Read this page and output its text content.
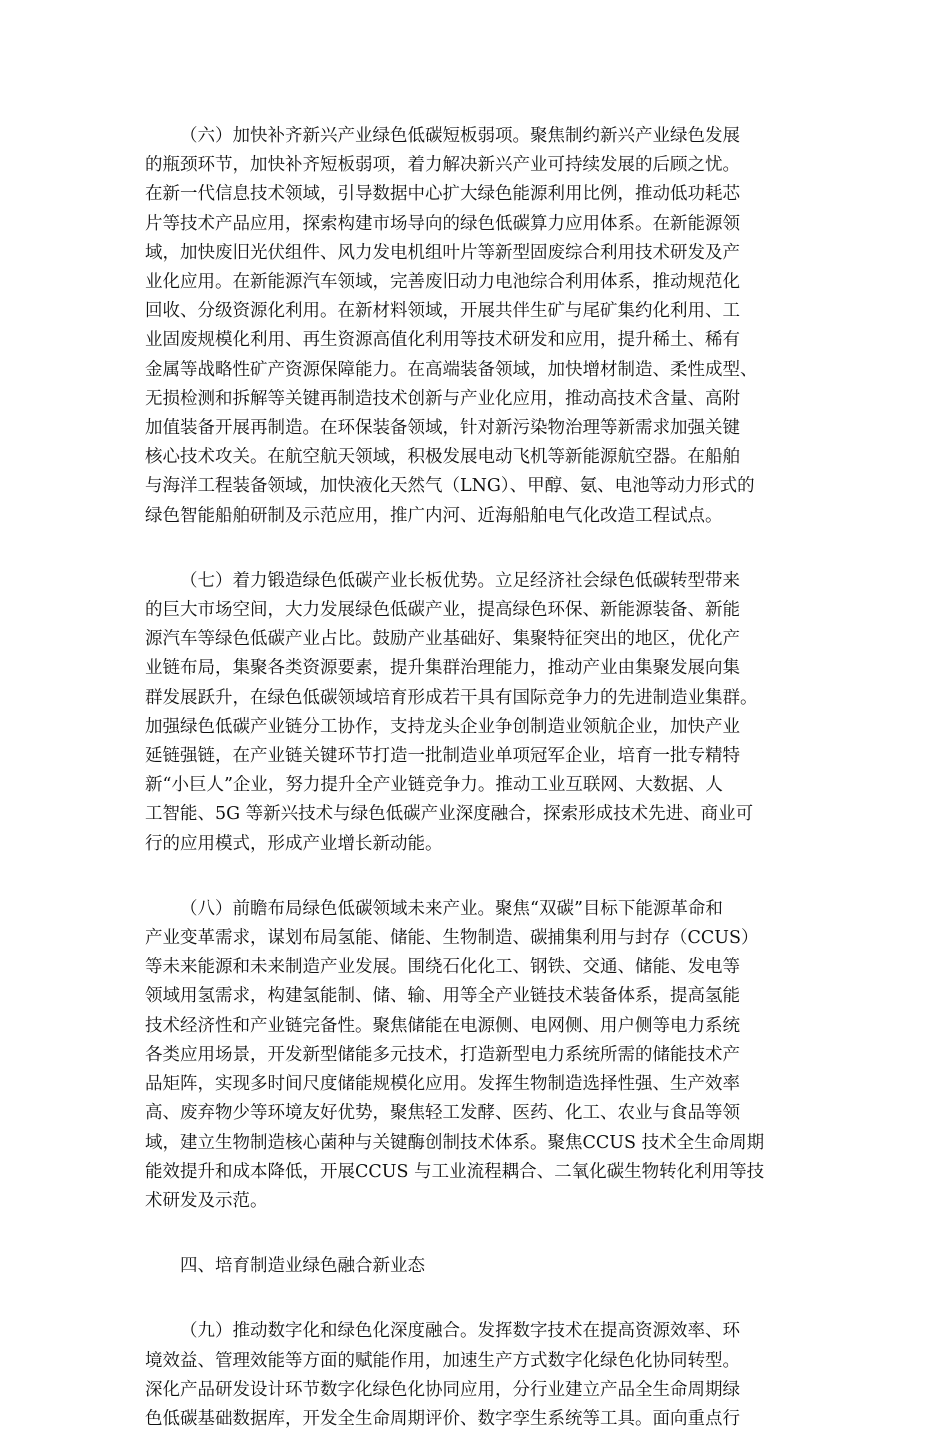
（六）加快补齐新兴产业绿色低碳短板弱项。聚焦制约新兴产业绿色发展
的瓶颈环节，加快补齐短板弱项，着力解决新兴产业可持续发展的后顾之忧。
在新一代信息技术领域，引导数据中心扩大绿色能源利用比例，推动低功耗芯
片等技术产品应用，探索构建市场导向的绿色低碳算力应用体系。在新能源领
域，加快废旧光伏组件、风力发电机组叶片等新型固废综合利用技术研发及产
业化应用。在新能源汽车领域，完善废旧动力电池综合利用体系，推动规范化
回收、分级资源化利用。在新材料领域，开展共伴生矿与尾矿集约化利用、工
业固废规模化利用、再生资源高值化利用等技术研发和应用，提升稀土、稀有
金属等战略性矿产资源保障能力。在高端装备领域，加快增材制造、柔性成型、
无损检测和拆解等关键再制造技术创新与产业化应用，推动高技术含量、高附
加值装备开展再制造。在环保装备领域，针对新污染物治理等新需求加强关键
核心技术攻关。在航空航天领域，积极发展电动飞机等新能源航空器。在船舶
与海洋工程装备领域，加快液化天然气（LNG）、甲醇、氨、电池等动力形式的
绿色智能船舶研制及示范应用，推广内河、近海船舶电气化改造工程试点。
（七）着力锻造绿色低碳产业长板优势。立足经济社会绿色低碳转型带来
的巨大市场空间，大力发展绿色低碳产业，提高绿色环保、新能源装备、新能
源汽车等绿色低碳产业占比。鼓励产业基础好、集聚特征突出的地区，优化产
业链布局，集聚各类资源要素，提升集群治理能力，推动产业由集聚发展向集
群发展跃升，在绿色低碳领域培育形成若干具有国际竞争力的先进制造业集群。
加强绿色低碳产业链分工协作，支持龙头企业争创制造业领航企业，加快产业
延链强链，在产业链关键环节打造一批制造业单项冠军企业，培育一批专精特
新“小巨人”企业，努力提升全产业链竞争力。推动工业互联网、大数据、人
工智能、5G 等新兴技术与绿色低碳产业深度融合，探索形成技术先进、商业可
行的应用模式，形成产业增长新动能。
（八）前瞻布局绿色低碳领域未来产业。聚焦“双碳”目标下能源革命和
产业变革需求，谋划布局氢能、储能、生物制造、碳捕集利用与封存（CCUS）
等未来能源和未来制造产业发展。围绕石化化工、钢铁、交通、储能、发电等
领域用氢需求，构建氢能制、储、输、用等全产业链技术装备体系，提高氢能
技术经济性和产业链完备性。聚焦储能在电源侧、电网侧、用户侧等电力系统
各类应用场景，开发新型储能多元技术，打造新型电力系统所需的储能技术产
品矩阵，实现多时间尺度储能规模化应用。发挥生物制造选择性强、生产效率
高、废弃物少等环境友好优势，聚焦轻工发酵、医药、化工、农业与食品等领
域，建立生物制造核心菌种与关键酶创制技术体系。聚焦CCUS 技术全生命周期
能效提升和成本降低，开展CCUS 与工业流程耦合、二氧化碳生物转化利用等技
术研发及示范。
四、培育制造业绿色融合新业态
（九）推动数字化和绿色化深度融合。发挥数字技术在提高资源效率、环
境效益、管理效能等方面的赋能作用，加速生产方式数字化绿色化协同转型。
深化产品研发设计环节数字化绿色化协同应用，分行业建立产品全生命周期绿
色低碳基础数据库，开发全生命周期评价、数字孪生系统等工具。面向重点行
